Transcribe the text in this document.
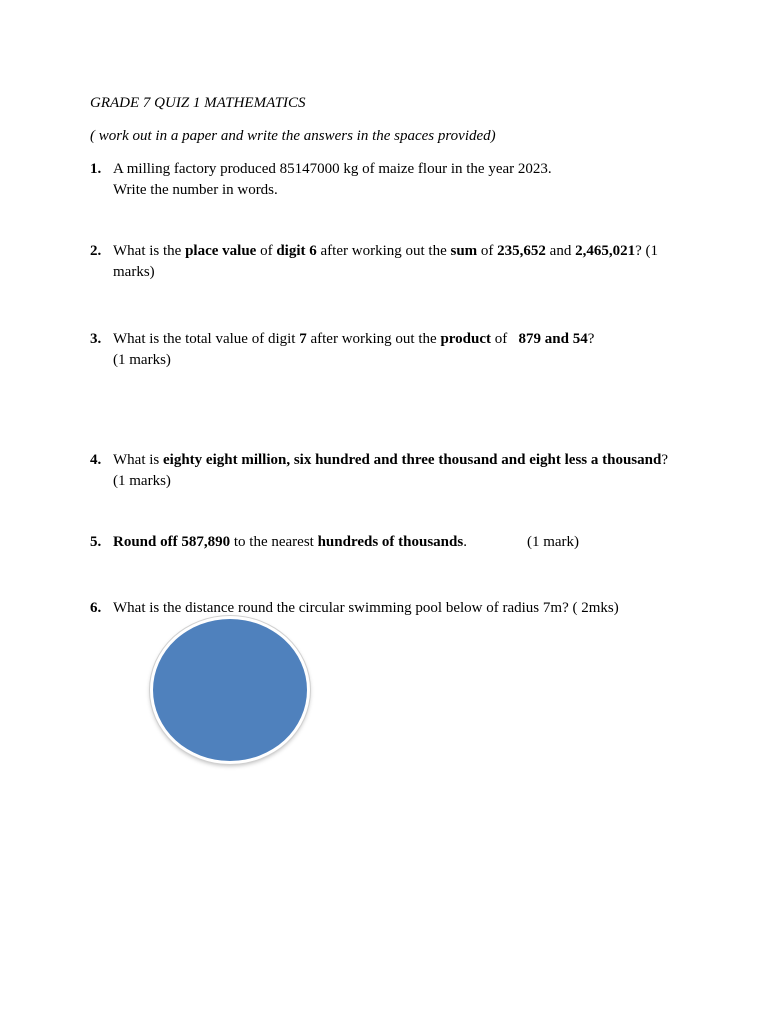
GRADE 7 QUIZ 1 MATHEMATICS
( work out in a paper and write the answers in the spaces provided)
1. A milling factory produced 85147000 kg of maize flour in the year 2023.
Write the number in words.
2. What is the place value of digit 6 after working out the sum of 235,652 and 2,465,021? (1 marks)
3. What is the total value of digit 7 after working out the product of   879 and 54?
(1 marks)
4. What is eighty eight million, six hundred and three thousand and eight less a thousand?
(1 marks)
5. Round off 587,890 to the nearest hundreds of thousands.	(1 mark)
6. What is the distance round the circular swimming pool below of radius 7m? ( 2mks)
